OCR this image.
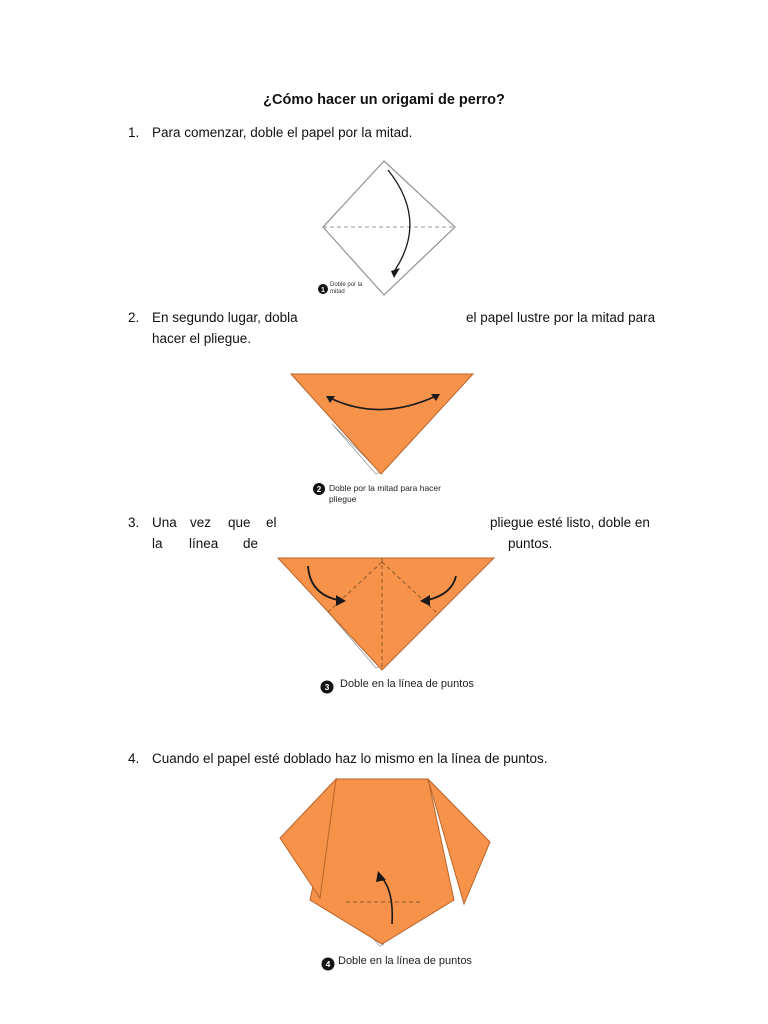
¿Cómo hacer un origami de perro?
1. Para comenzar, doble el papel por la mitad.
1
Doble por la
mitad
2. En segundo lugar, dobla	el papel lustre por la mitad para
hacer el pliegue.
2 Doble por la mitad para hacer
pliegue
3. Una vez que el	pliegue esté listo, doble en
la línea de	puntos.
3 Doble en la línea de puntos
4. Cuando el papel esté doblado haz lo mismo en la línea de puntos.
4 Doble en la línea de puntos
